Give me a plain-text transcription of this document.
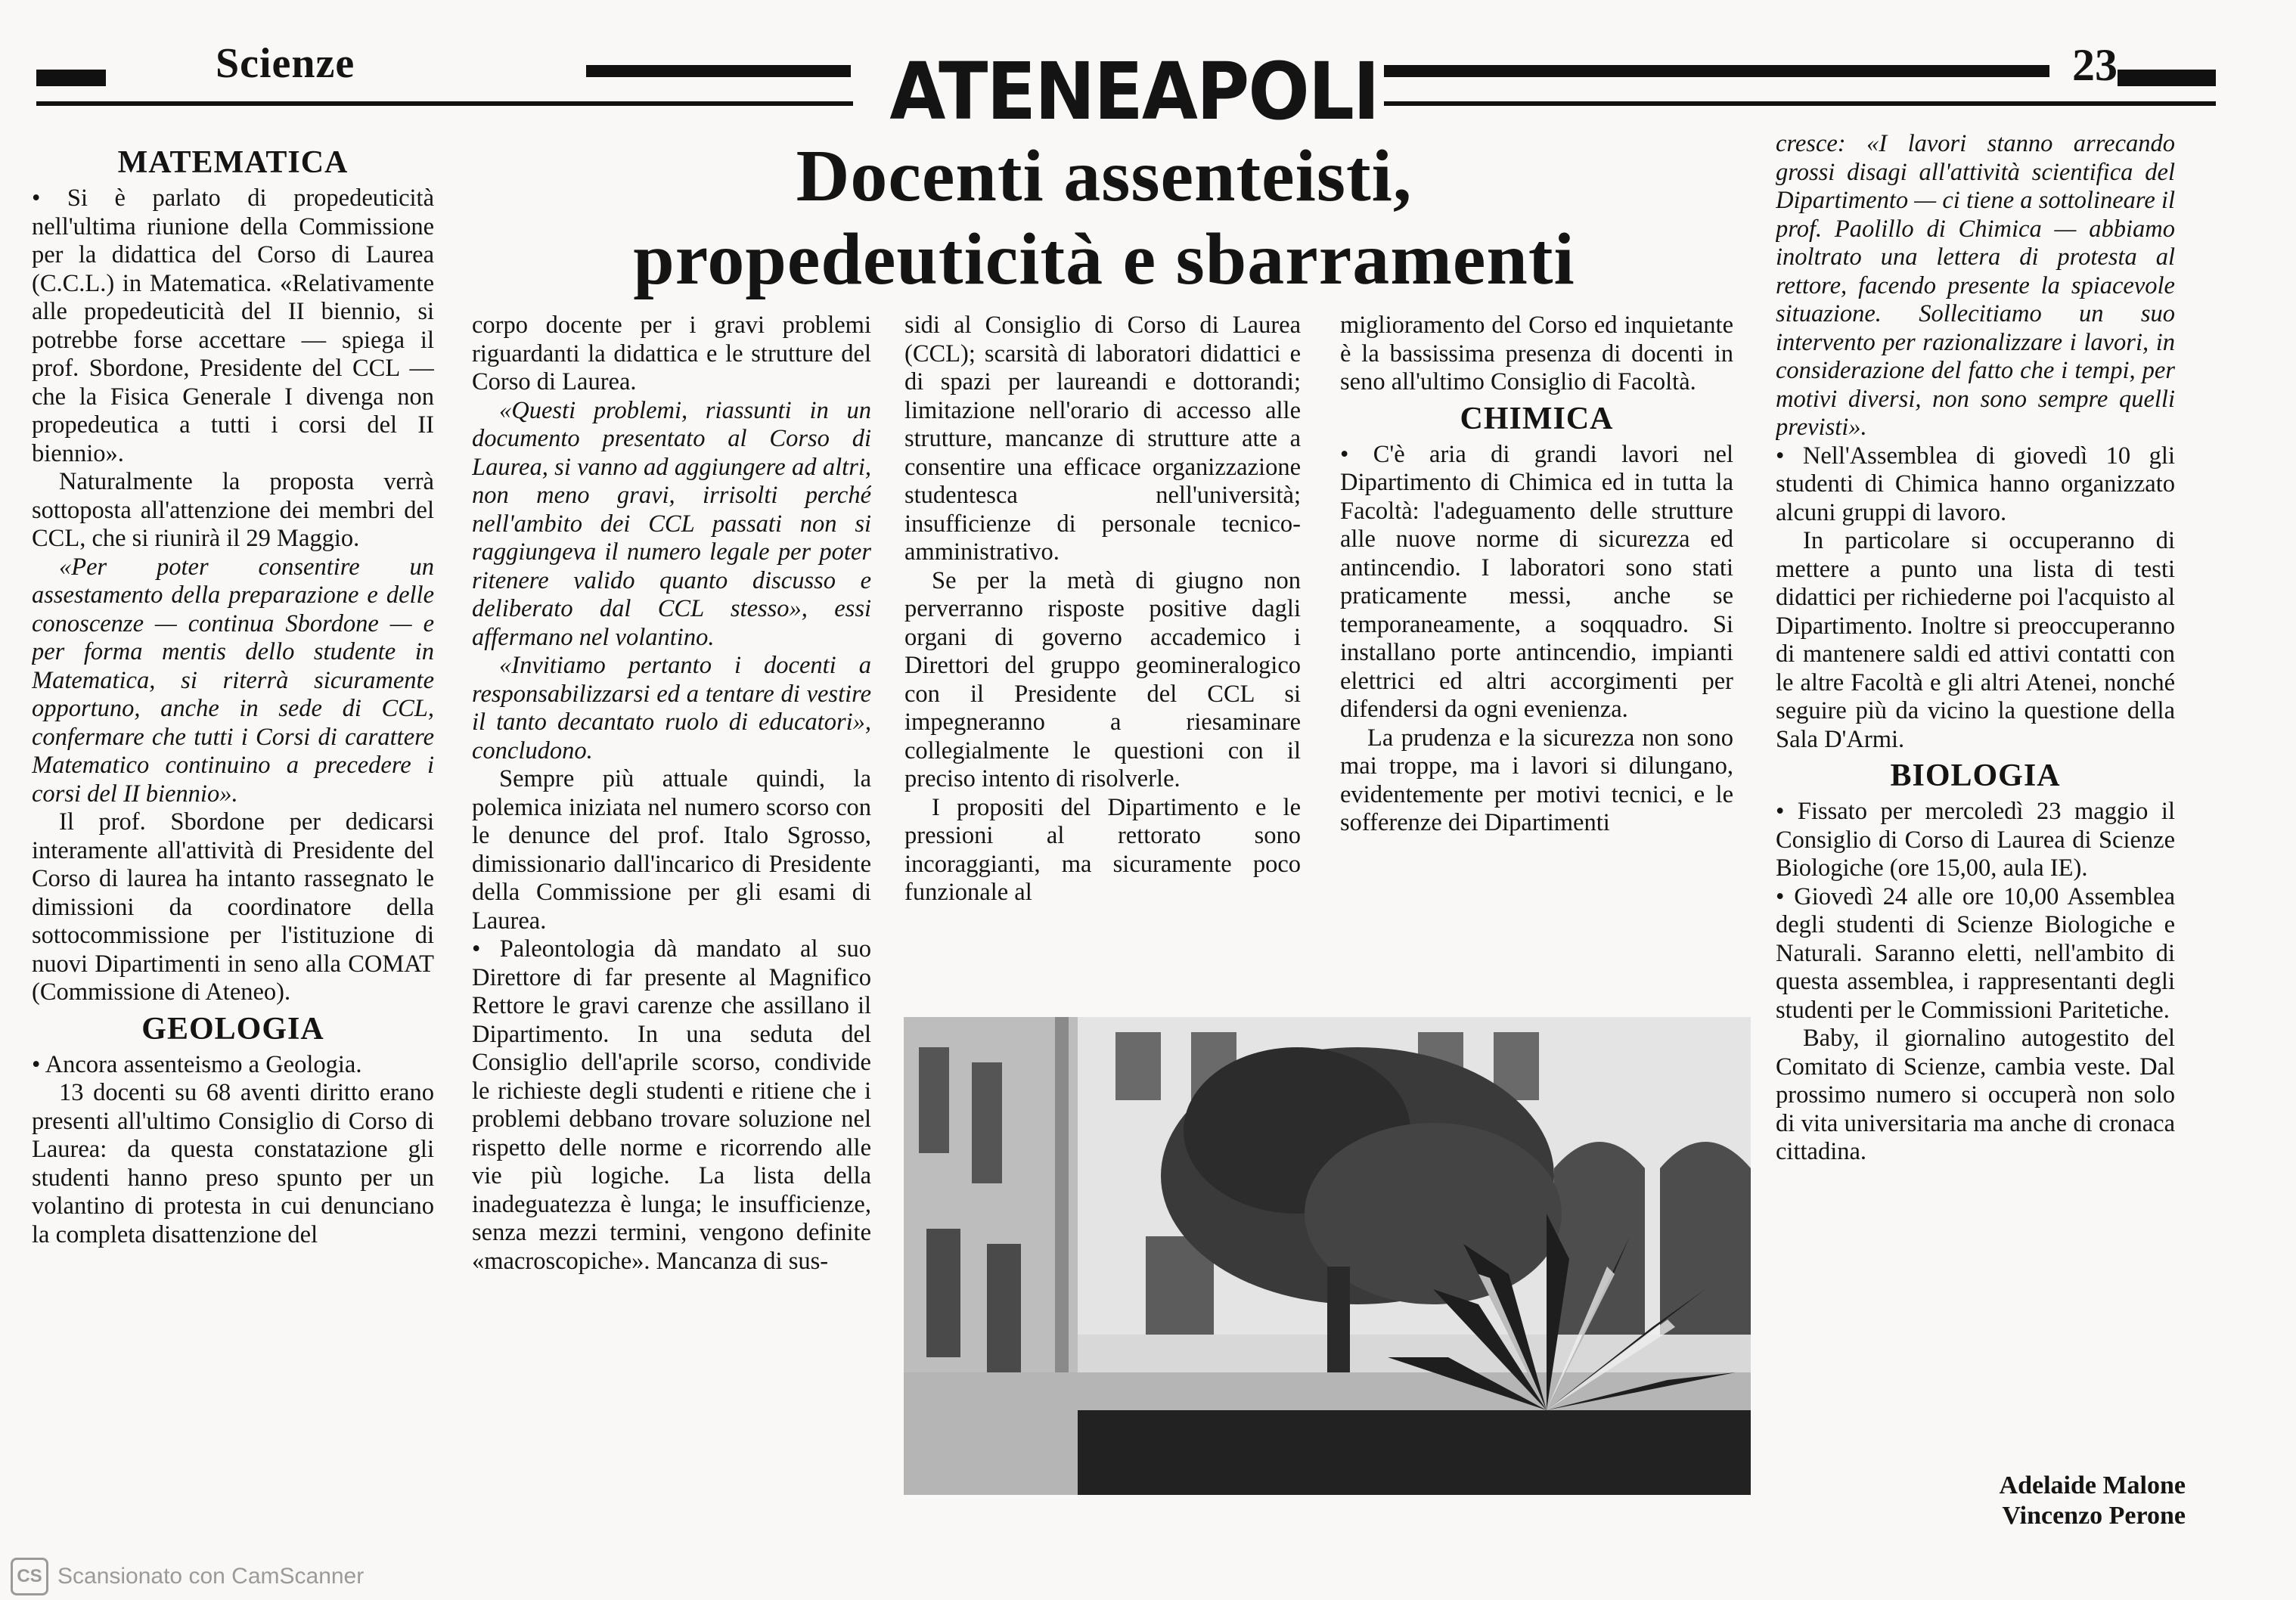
Scienze	ATENEAPOLI	23
Docenti assenteisti,
propedeuticità e sbarramenti
MATEMATICA

• Si è parlato di propedeuticità nell'ultima riunione della Commissione per la didattica del Corso di Laurea (C.C.L.) in Matematica. «Relativamente alle propedeuticità del II biennio, si potrebbe forse accettare — spiega il prof. Sbordone, Presidente del CCL — che la Fisica Generale I divenga non propedeutica a tutti i corsi del II biennio».

Naturalmente la proposta verrà sottoposta all'attenzione dei membri del CCL, che si riunirà il 29 Maggio.

«Per poter consentire un assestamento della preparazione e delle conoscenze — continua Sbordone — e per forma mentis dello studente in Matematica, si riterrà sicuramente opportuno, anche in sede di CCL, confermare che tutti i Corsi di carattere Matematico continuino a precedere i corsi del II biennio».

Il prof. Sbordone per dedicarsi interamente all'attività di Presidente del Corso di laurea ha intanto rassegnato le dimissioni da coordinatore della sottocommissione per l'istituzione di nuovi Dipartimenti in seno alla COMAT (Commissione di Ateneo).

GEOLOGIA

• Ancora assenteismo a Geologia.

13 docenti su 68 aventi diritto erano presenti all'ultimo Consiglio di Corso di Laurea: da questa constatazione gli studenti hanno preso spunto per un volantino di protesta in cui denunciano la completa disattenzione del

corpo docente per i gravi problemi riguardanti la didattica e le strutture del Corso di Laurea.

«Questi problemi, riassunti in un documento presentato al Corso di Laurea, si vanno ad aggiungere ad altri, non meno gravi, irrisolti perché nell'ambito dei CCL passati non si raggiungeva il numero legale per poter ritenere valido quanto discusso e deliberato dal CCL stesso», essi affermano nel volantino.

«Invitiamo pertanto i docenti a responsabilizzarsi ed a tentare di vestire il tanto decantato ruolo di educatori», concludono.

Sempre più attuale quindi, la polemica iniziata nel numero scorso con le denunce del prof. Italo Sgrosso, dimissionario dall'incarico di Presidente della Commissione per gli esami di Laurea.

• Paleontologia dà mandato al suo Direttore di far presente al Magnifico Rettore le gravi carenze che assillano il Dipartimento. In una seduta del Consiglio dell'aprile scorso, condivide le richieste degli studenti e ritiene che i problemi debbano trovare soluzione nel rispetto delle norme e ricorrendo alle vie più logiche. La lista della inadeguatezza è lunga; le insufficienze, senza mezzi termini, vengono definite «macroscopiche». Mancanza di sus-

sidi al Consiglio di Corso di Laurea (CCL); scarsità di laboratori didattici e di spazi per laureandi e dottorandi; limitazione nell'orario di accesso alle strutture, mancanze di strutture atte a consentire una efficace organizzazione studentesca nell'università; insufficienze di personale tecnico-amministrativo.

Se per la metà di giugno non perverranno risposte positive dagli organi di governo accademico i Direttori del gruppo geomineralogico con il Presidente del CCL si impegneranno a riesaminare collegialmente le questioni con il preciso intento di risolverle.

I propositi del Dipartimento e le pressioni al rettorato sono incoraggianti, ma sicuramente poco funzionale al

miglioramento del Corso ed inquietante è la bassissima presenza di docenti in seno all'ultimo Consiglio di Facoltà.

CHIMICA

• C'è aria di grandi lavori nel Dipartimento di Chimica ed in tutta la Facoltà: l'adeguamento delle strutture alle nuove norme di sicurezza ed antincendio. I laboratori sono stati praticamente messi, anche se temporaneamente, a soqquadro. Si installano porte antincendio, impianti elettrici ed altri accorgimenti per difendersi da ogni evenienza.

La prudenza e la sicurezza non sono mai troppe, ma i lavori si dilungano, evidentemente per motivi tecnici, e le sofferenze dei Dipartimenti

cresce: «I lavori stanno arrecando grossi disagi all'attività scientifica del Dipartimento — ci tiene a sottolineare il prof. Paolillo di Chimica — abbiamo inoltrato una lettera di protesta al rettore, facendo presente la spiacevole situazione. Sollecitiamo un suo intervento per razionalizzare i lavori, in considerazione del fatto che i tempi, per motivi diversi, non sono sempre quelli previsti».

• Nell'Assemblea di giovedì 10 gli studenti di Chimica hanno organizzato alcuni gruppi di lavoro.

In particolare si occuperanno di mettere a punto una lista di testi didattici per richiederne poi l'acquisto al Dipartimento. Inoltre si preoccuperanno di mantenere saldi ed attivi contatti con le altre Facoltà e gli altri Atenei, nonché seguire più da vicino la questione della Sala D'Armi.

BIOLOGIA

• Fissato per mercoledì 23 maggio il Consiglio di Corso di Laurea di Scienze Biologiche (ore 15,00, aula IE).

• Giovedì 24 alle ore 10,00 Assemblea degli studenti di Scienze Biologiche e Naturali. Saranno eletti, nell'ambito di questa assemblea, i rappresentanti degli studenti per le Commissioni Paritetiche.

Baby, il giornalino autogestito del Comitato di Scienze, cambia veste. Dal prossimo numero si occuperà non solo di vita universitaria ma anche di cronaca cittadina.

Adelaide Malone
Vincenzo Perone
CS Scansionato con CamScanner
